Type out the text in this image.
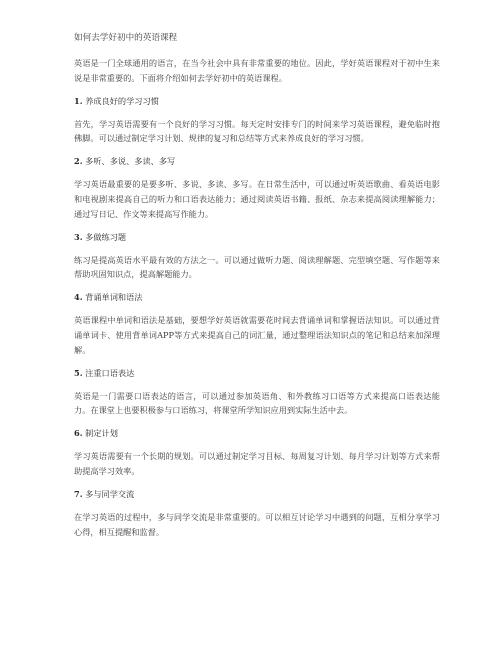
如何去学好初中的英语课程

英语是一门全球通用的语言，在当今社会中具有非常重要的地位。因此，学好英语课程对于初中生来说是非常重要的。下面将介绍如何去学好初中的英语课程。

1. 养成良好的学习习惯

首先，学习英语需要有一个良好的学习习惯。每天定时安排专门的时间来学习英语课程，避免临时抱佛脚。可以通过制定学习计划、规律的复习和总结等方式来养成良好的学习习惯。

2. 多听、多说、多读、多写

学习英语最重要的是要多听、多说、多读、多写。在日常生活中，可以通过听英语歌曲、看英语电影和电视剧来提高自己的听力和口语表达能力；通过阅读英语书籍、报纸、杂志来提高阅读理解能力；通过写日记、作文等来提高写作能力。

3. 多做练习题

练习是提高英语水平最有效的方法之一。可以通过做听力题、阅读理解题、完型填空题、写作题等来帮助巩固知识点，提高解题能力。

4. 背诵单词和语法

英语课程中单词和语法是基础，要想学好英语就需要花时间去背诵单词和掌握语法知识。可以通过背诵单词卡、使用背单词APP等方式来提高自己的词汇量，通过整理语法知识点的笔记和总结来加深理解。

5. 注重口语表达

英语是一门需要口语表达的语言，可以通过参加英语角、和外教练习口语等方式来提高口语表达能力。在课堂上也要积极参与口语练习，将课堂所学知识应用到实际生活中去。

6. 制定计划

学习英语需要有一个长期的规划。可以通过制定学习目标、每周复习计划、每月学习计划等方式来帮助提高学习效率。

7. 多与同学交流

在学习英语的过程中，多与同学交流是非常重要的。可以相互讨论学习中遇到的问题，互相分享学习心得，相互提醒和监督。
